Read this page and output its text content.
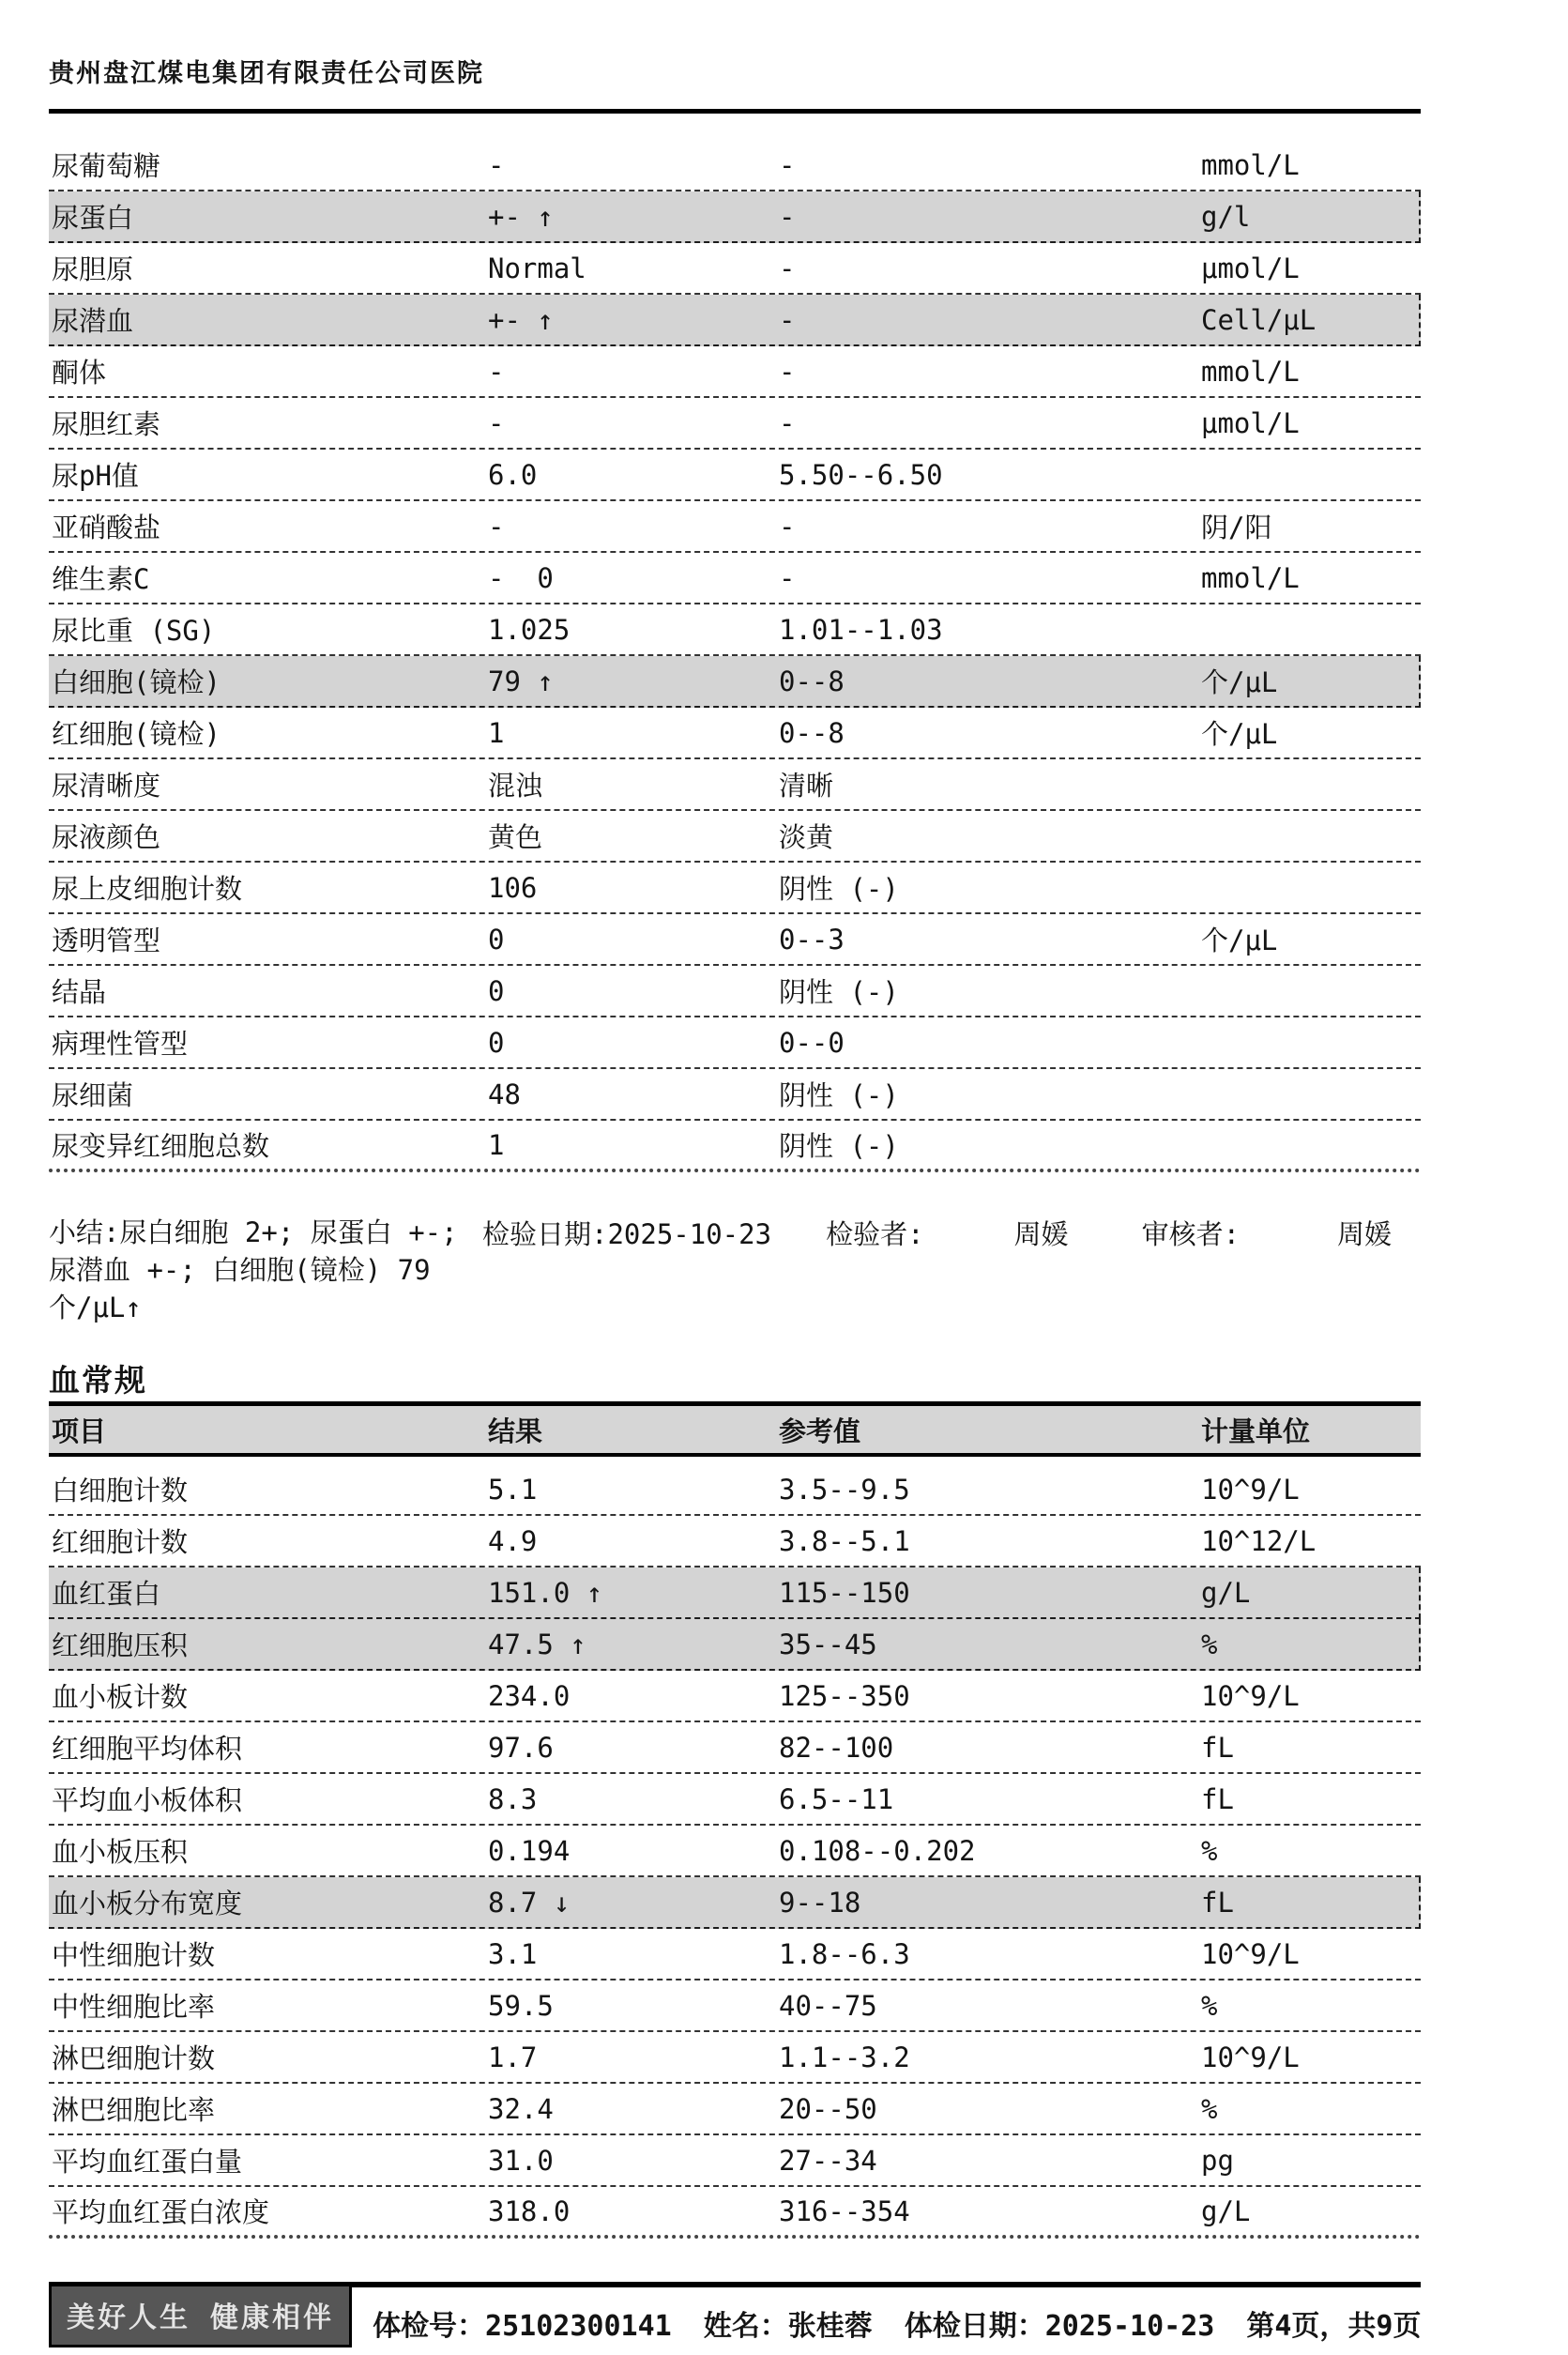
贵州盘江煤电集团有限责任公司医院
尿葡萄糖	-	-	mmol/L
尿蛋白	+- ↑	-	g/l
尿胆原	Normal	-	μmol/L
尿潜血	+- ↑	-	Cell/μL
酮体	-	-	mmol/L
尿胆红素	-	-	μmol/L
尿pH值	6.0	5.50--6.50
亚硝酸盐	-	-	阴/阳
维生素C	-  0	-	mmol/L
尿比重 (SG)	1.025	1.01--1.03
白细胞(镜检)	79 ↑	0--8	个/μL
红细胞(镜检)	1	0--8	个/μL
尿清晰度	混浊	清晰
尿液颜色	黄色	淡黄
尿上皮细胞计数	106	阴性 (-)
透明管型	0	0--3	个/μL
结晶	0	阴性 (-)
病理性管型	0	0--0
尿细菌	48	阴性 (-)
尿变异红细胞总数	1	阴性 (-)
小结:尿白细胞 2+; 尿蛋白 +-; 尿潜血 +-; 白细胞(镜检) 79 个/μL↑
检验日期: 2025-10-23 检验者:	周媛	审核者:	周媛
血常规
项目	结果	参考值	计量单位
白细胞计数	5.1	3.5--9.5	10^9/L
红细胞计数	4.9	3.8--5.1	10^12/L
血红蛋白	151.0 ↑	115--150	g/L
红细胞压积	47.5 ↑	35--45	%
血小板计数	234.0	125--350	10^9/L
红细胞平均体积	97.6	82--100	fL
平均血小板体积	8.3	6.5--11	fL
血小板压积	0.194	0.108--0.202	%
血小板分布宽度	8.7 ↓	9--18	fL
中性细胞计数	3.1	1.8--6.3	10^9/L
中性细胞比率	59.5	40--75	%
淋巴细胞计数	1.7	1.1--3.2	10^9/L
淋巴细胞比率	32.4	20--50	%
平均血红蛋白量	31.0	27--34	pg
平均血红蛋白浓度	318.0	316--354	g/L
美好人生 健康相伴	体检号：25102300141 姓名：张桂蓉 体检日期：2025-10-23 第4页，共9页
